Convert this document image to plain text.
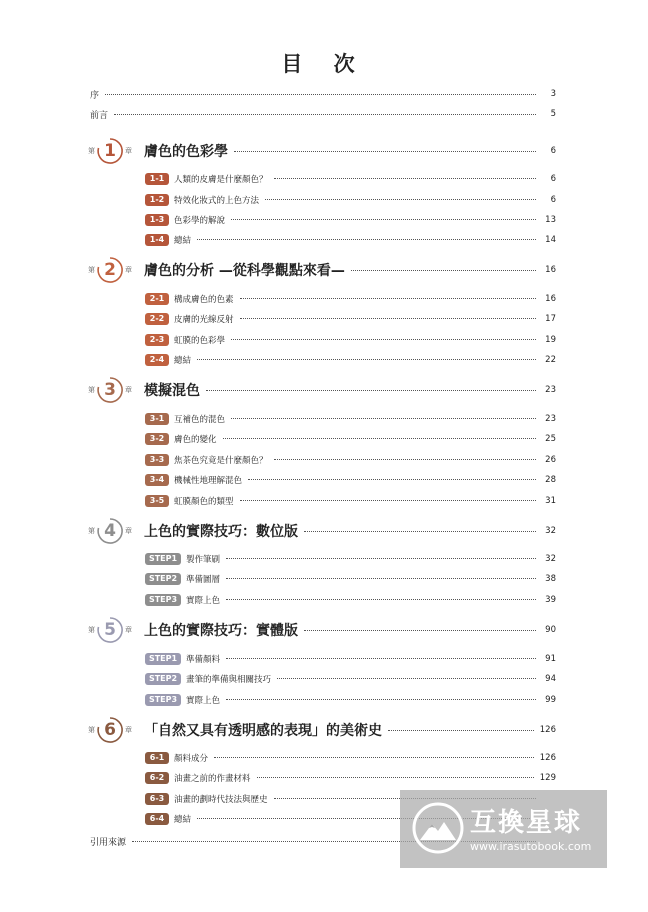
目 次
序	3
前言	5
第 1	章 膚色的色彩學	6
1-1	人類的皮膚是什麼顏色？	6
1-2	特效化妝式的上色方法	6
1-3	色彩學的解說	13
1-4	總結	14
第 2	章 膚色的分析 —從科學觀點來看—	16
2-1	構成膚色的色素	16
2-2	皮膚的光線反射	17
2-3	虹膜的色彩學	19
2-4	總結	22
第 3	章 模擬混色	23
3-1	互補色的混色	23
3-2	膚色的變化	25
3-3	焦茶色究竟是什麼顏色？	26
3-4	機械性地理解混色	28
3-5	虹膜顏色的類型	31
第 4	章 上色的實際技巧：數位版	32
STEP1	製作筆刷	32
STEP2	準備圖層	38
STEP3	實際上色	39
第 5	章 上色的實際技巧：實體版	90
STEP1	準備顏料	91
STEP2	畫筆的準備與相關技巧	94
STEP3	實際上色	99
第 6	章 「自然又具有透明感的表現」的美術史	126
6-1	顏料成分	126
6-2	油畫之前的作畫材料	129
6-3	油畫的劃時代技法與歷史
6-4	總結
引用來源
互換星球
www.irasutobook.com
